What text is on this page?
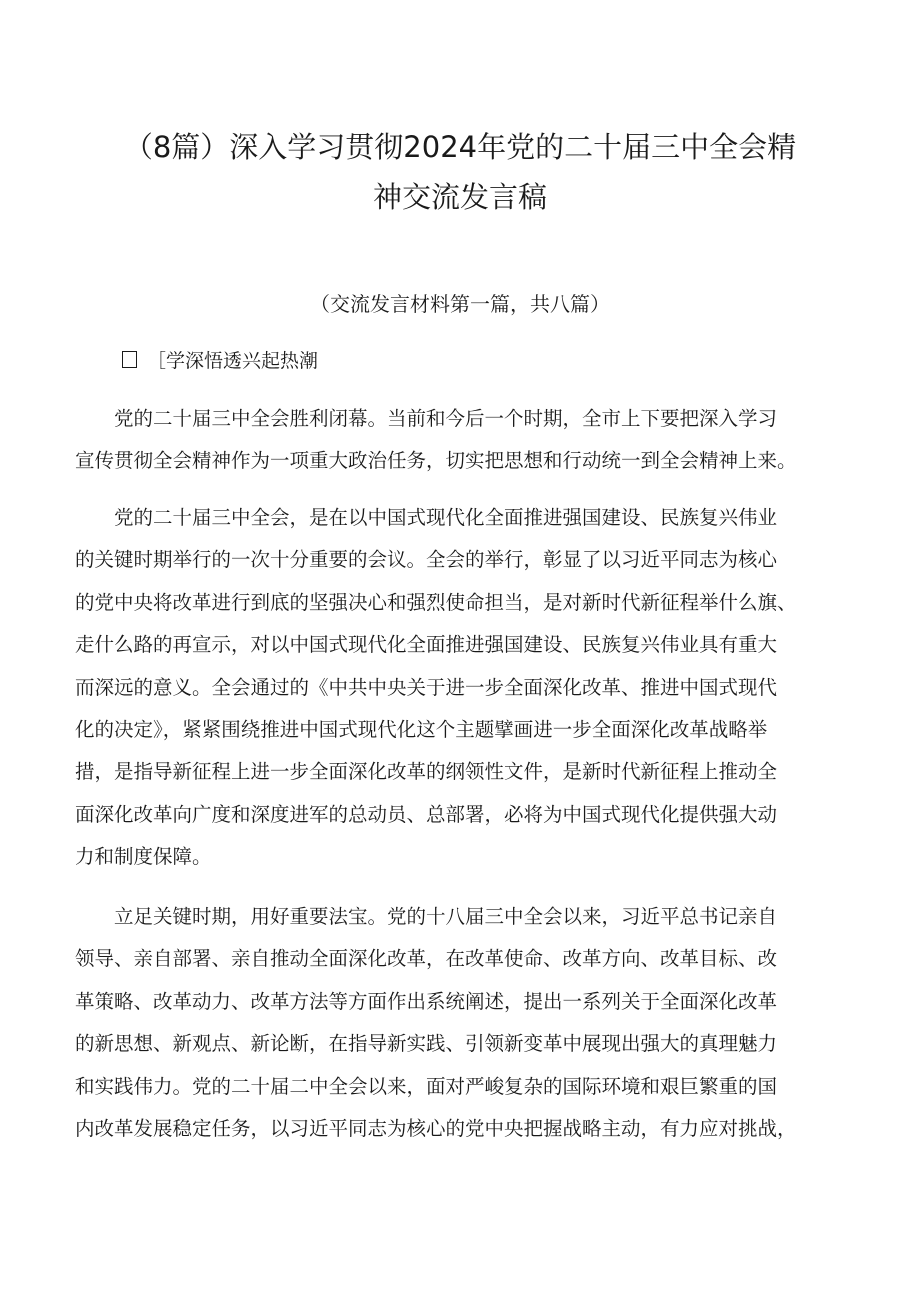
（8篇）深入学习贯彻2024年党的二十届三中全会精
神交流发言稿
（交流发言材料第一篇，共八篇）
［学深悟透兴起热潮
党的二十届三中全会胜利闭幕。当前和今后一个时期，全市上下要把深入学习
宣传贯彻全会精神作为一项重大政治任务，切实把思想和行动统一到全会精神上来。
党的二十届三中全会，是在以中国式现代化全面推进强国建设、民族复兴伟业
的关键时期举行的一次十分重要的会议。全会的举行，彰显了以习近平同志为核心
的党中央将改革进行到底的坚强决心和强烈使命担当，是对新时代新征程举什么旗、
走什么路的再宣示，对以中国式现代化全面推进强国建设、民族复兴伟业具有重大
而深远的意义。全会通过的《中共中央关于进一步全面深化改革、推进中国式现代
化的决定》，紧紧围绕推进中国式现代化这个主题擘画进一步全面深化改革战略举
措，是指导新征程上进一步全面深化改革的纲领性文件，是新时代新征程上推动全
面深化改革向广度和深度进军的总动员、总部署，必将为中国式现代化提供强大动
力和制度保障。
立足关键时期，用好重要法宝。党的十八届三中全会以来，习近平总书记亲自
领导、亲自部署、亲自推动全面深化改革，在改革使命、改革方向、改革目标、改
革策略、改革动力、改革方法等方面作出系统阐述，提出一系列关于全面深化改革
的新思想、新观点、新论断，在指导新实践、引领新变革中展现出强大的真理魅力
和实践伟力。党的二十届二中全会以来，面对严峻复杂的国际环境和艰巨繁重的国
内改革发展稳定任务，以习近平同志为核心的党中央把握战略主动，有力应对挑战，
